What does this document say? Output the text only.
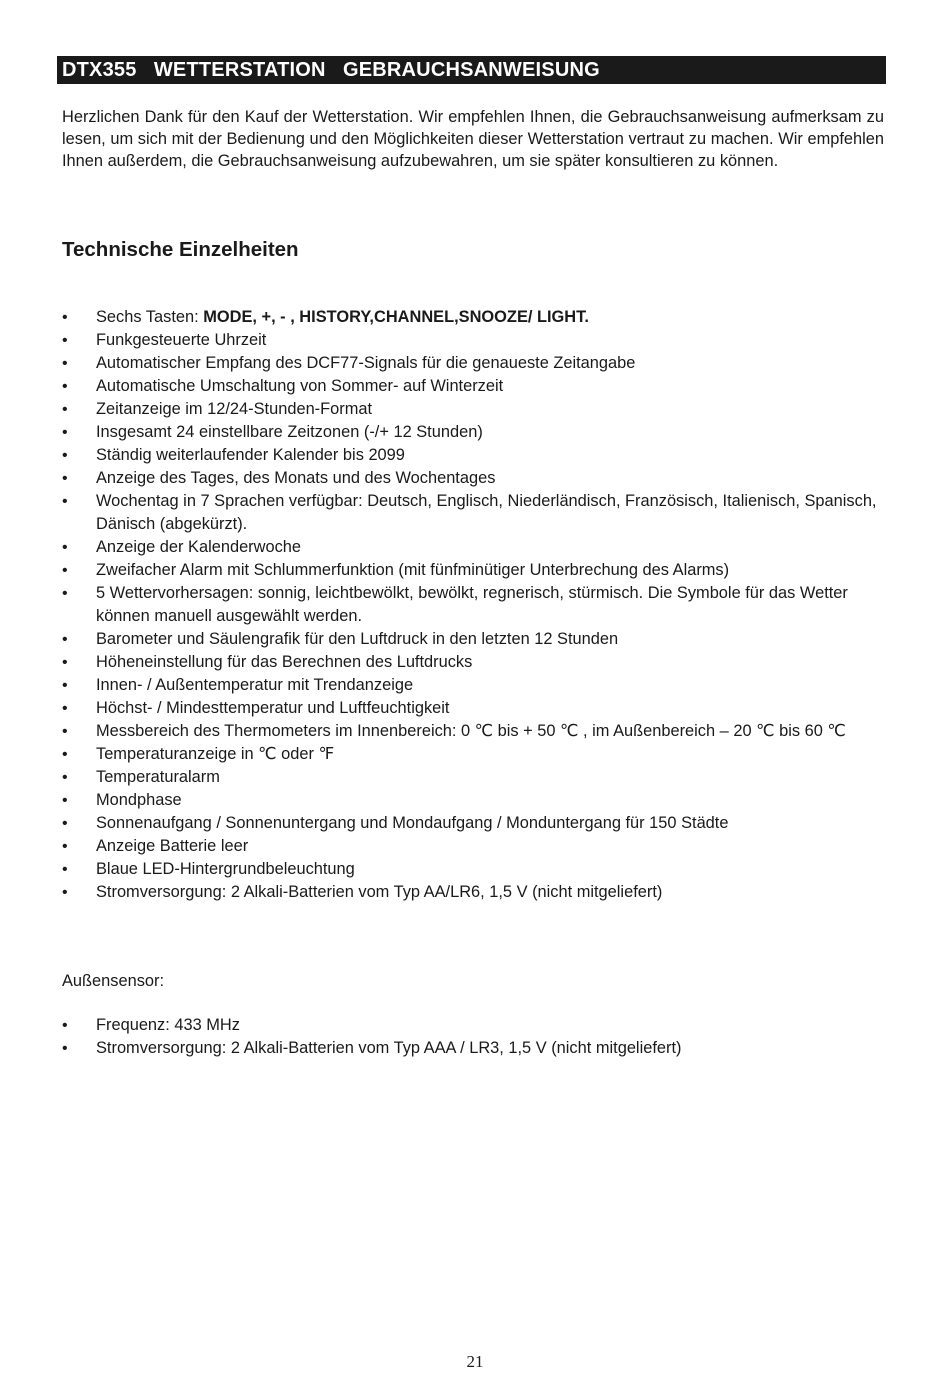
DTX355   WETTERSTATION   GEBRAUCHSANWEISUNG

Herzlichen Dank für den Kauf der Wetterstation. Wir empfehlen Ihnen, die Gebrauchsanweisung aufmerksam zu lesen, um sich mit der Bedienung und den Möglichkeiten dieser Wetterstation vertraut zu machen. Wir empfehlen Ihnen außerdem, die Gebrauchsanweisung aufzubewahren, um sie später konsultieren zu können.

Technische Einzelheiten
• Sechs Tasten: MODE, +, - , HISTORY,CHANNEL,SNOOZE/ LIGHT.
• Funkgesteuerte Uhrzeit
• Automatischer Empfang des DCF77-Signals für die genaueste Zeitangabe
• Automatische Umschaltung von Sommer- auf Winterzeit
• Zeitanzeige im 12/24-Stunden-Format
• Insgesamt 24 einstellbare Zeitzonen (-/+ 12 Stunden)
• Ständig weiterlaufender Kalender bis 2099
• Anzeige des Tages, des Monats und des Wochentages
• Wochentag in 7 Sprachen verfügbar: Deutsch, Englisch, Niederländisch, Französisch, Italienisch, Spanisch, Dänisch (abgekürzt).
• Anzeige der Kalenderwoche
• Zweifacher Alarm mit Schlummerfunktion (mit fünfminütiger Unterbrechung des Alarms)
• 5 Wettervorhersagen: sonnig, leichtbewölkt, bewölkt, regnerisch, stürmisch. Die Symbole für das Wetter können manuell ausgewählt werden.
• Barometer und Säulengrafik für den Luftdruck in den letzten 12 Stunden
• Höheneinstellung für das Berechnen des Luftdrucks
• Innen- / Außentemperatur mit Trendanzeige
• Höchst- / Mindesttemperatur und Luftfeuchtigkeit
• Messbereich des Thermometers im Innenbereich: 0 ℃ bis + 50 ℃ , im Außenbereich – 20 ℃ bis 60 ℃
• Temperaturanzeige in ℃ oder ℉
• Temperaturalarm
• Mondphase
• Sonnenaufgang / Sonnenuntergang und Mondaufgang / Monduntergang für 150 Städte
• Anzeige Batterie leer
• Blaue LED-Hintergrundbeleuchtung
• Stromversorgung: 2 Alkali-Batterien vom Typ AA/LR6, 1,5 V (nicht mitgeliefert)

Außensensor:

• Frequenz: 433 MHz
• Stromversorgung: 2 Alkali-Batterien vom Typ AAA / LR3, 1,5 V (nicht mitgeliefert)
21
